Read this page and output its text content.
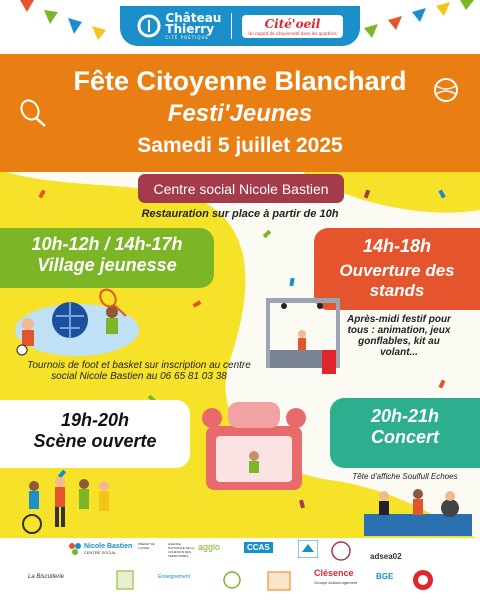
Château
Thierry
CITÉ POÉTIQUE
Cité'oeil
Un regard de citoyenneté dans les quartiers
Fête Citoyenne Blanchard
Festi'Jeunes
Samedi 5 juillet 2025
Centre social Nicole Bastien
Restauration sur place à partir de 10h
10h-12h / 14h-17h
Village jeunesse
Tournois de foot et basket sur inscription au centre social Nicole Bastien au 06 65 81 03 38
14h-18h
Ouverture des stands
Après-midi festif pour tous : animation, jeux gonflables, kit au volant...
19h-20h
Scène ouverte
20h-21h
Concert
Tête d'affiche Soulfull Echoes
Nicole Bastien
CENTRE SOCIAL
PRÉFET DE L'AISNE
AGENCE NATIONALE DE LA COHÉSION DES TERRITOIRES
agglo	CCAS
adsea02
La Biscuiterie	Enseignement	Clésence
Groupe ActionLogement
BGE
